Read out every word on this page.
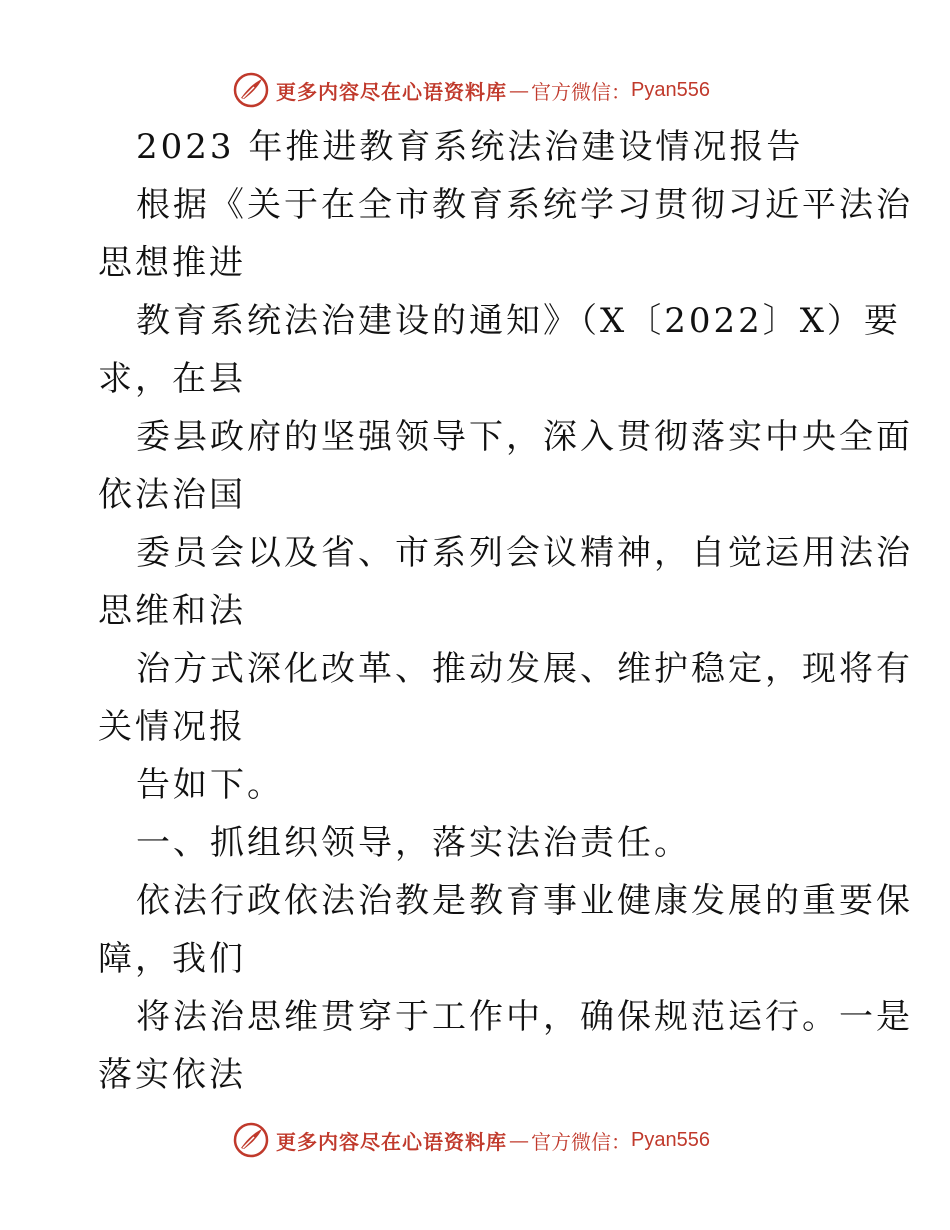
更多内容尽在心语资料库 — 官方微信： Pyan556
2023 年推进教育系统法治建设情况报告
根据《关于在全市教育系统学习贯彻习近平法治
思想推进
教育系统法治建设的通知》（X〔2022〕X）要
求，在县
委县政府的坚强领导下，深入贯彻落实中央全面
依法治国
委员会以及省、市系列会议精神，自觉运用法治
思维和法
治方式深化改革、推动发展、维护稳定，现将有
关情况报
告如下。
一、抓组织领导，落实法治责任。
依法行政依法治教是教育事业健康发展的重要保
障，我们
将法治思维贯穿于工作中，确保规范运行。一是
落实依法
更多内容尽在心语资料库 — 官方微信： Pyan556
